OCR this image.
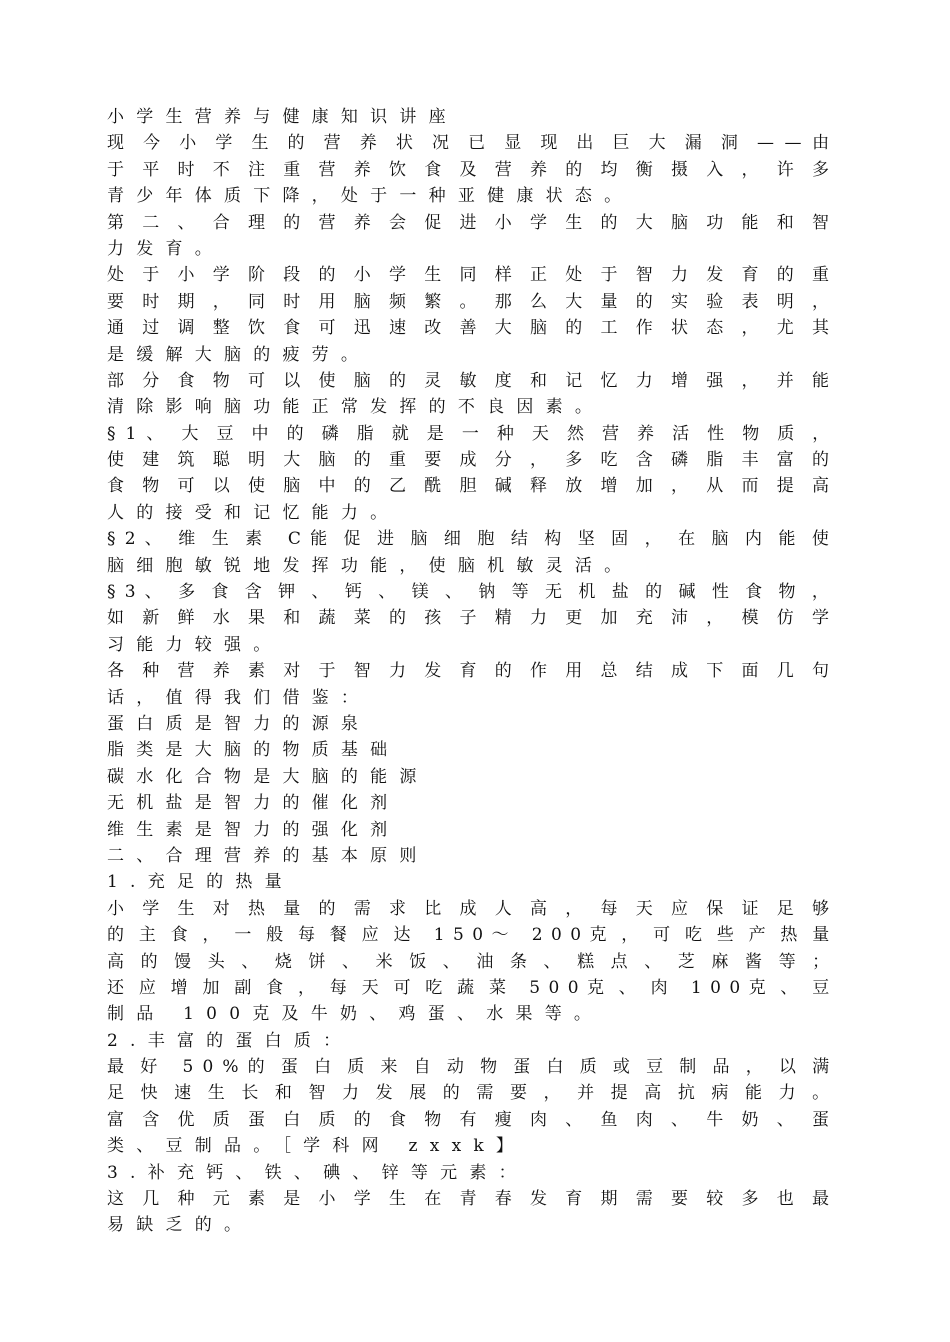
小学生营养与健康知识讲座
现  今  小  学  生  的  营  养  状  况  已  显  现  出  巨  大  漏  洞  —  —  由
于  平  时  不  注  重  营  养  饮  食  及  营  养  的  均  衡  摄  入  ，  许  多
青少年体质下降，处于一种亚健康状态。
第  二  、  合  理  的  营  养  会  促  进  小  学  生  的  大  脑  功  能  和  智
力发育。
处  于  小  学  阶  段  的  小  学  生  同  样  正  处  于  智  力  发  育  的  重
要  时  期  ，  同  时  用  脑  频  繁  。  那  么  大  量  的  实  验  表  明  ，
通  过  调  整  饮  食  可  迅  速  改  善  大  脑  的  工  作  状  态  ，  尤  其
是缓解大脑的疲劳。
部  分  食  物  可  以  使  脑  的  灵  敏  度  和  记  忆  力  增  强  ，  并  能
清除影响脑功能正常发挥的不良因素。
§  1  、  大  豆  中  的  磷  脂  就  是  一  种  天  然  营  养  活  性  物  质  ，
使  建  筑  聪  明  大  脑  的  重  要  成  分  ，  多  吃  含  磷  脂  丰  富  的
食  物  可  以  使  脑  中  的  乙  酰  胆  碱  释  放  增  加  ，  从  而  提  高
人的接受和记忆能力。
§  2  、  维  生  素    C  能  促  进  脑  细  胞  结  构  坚  固  ，  在  脑  内  能  使
脑细胞敏锐地发挥功能，使脑机敏灵活。
§  3  、  多  食  含  钾  、  钙  、  镁  、  钠  等  无  机  盐  的  碱  性  食  物  ，
如  新  鲜  水  果  和  蔬  菜  的  孩  子  精  力  更  加  充  沛  ，  模  仿  学
习能力较强。
各  种  营  养  素  对  于  智  力  发  育  的  作  用  总  结  成  下  面  几  句
话，值得我们借鉴：
蛋白质是智力的源泉
脂类是大脑的物质基础
碳水化合物是大脑的能源
无机盐是智力的催化剂
维生素是智力的强化剂
二、合理营养的基本原则
1.充足的热量
小  学  生  对  热  量  的  需  求  比  成  人  高  ，  每  天  应  保  证  足  够
的  主  食  ，  一  般  每  餐  应  达    1  5  0  ～    2  0  0  克  ，  可  吃  些  产  热  量
高  的  馒  头  、  烧  饼  、  米  饭  、  油  条  、  糕  点  、  芝  麻  酱  等  ；
还  应  增  加  副  食  ，  每  天  可  吃  蔬  菜    5  0  0  克  、  肉    1  0  0  克  、  豆
制品 100克及牛奶、鸡蛋、水果等。
2.丰富的蛋白质：
最  好    5  0  %  的  蛋  白  质  来  自  动  物  蛋  白  质  或  豆  制  品  ，  以  满
足  快  速  生  长  和  智  力  发  展  的  需  要  ，  并  提  高  抗  病  能  力  。
富  含  优  质  蛋  白  质  的  食  物  有  瘦  肉  、  鱼  肉  、  牛  奶  、  蛋
类、豆制品。［学科网 zxxk】
3.补充钙、铁、碘、锌等元素：
这  几  种  元  素  是  小  学  生  在  青  春  发  育  期  需  要  较  多  也  最
易缺乏的。
